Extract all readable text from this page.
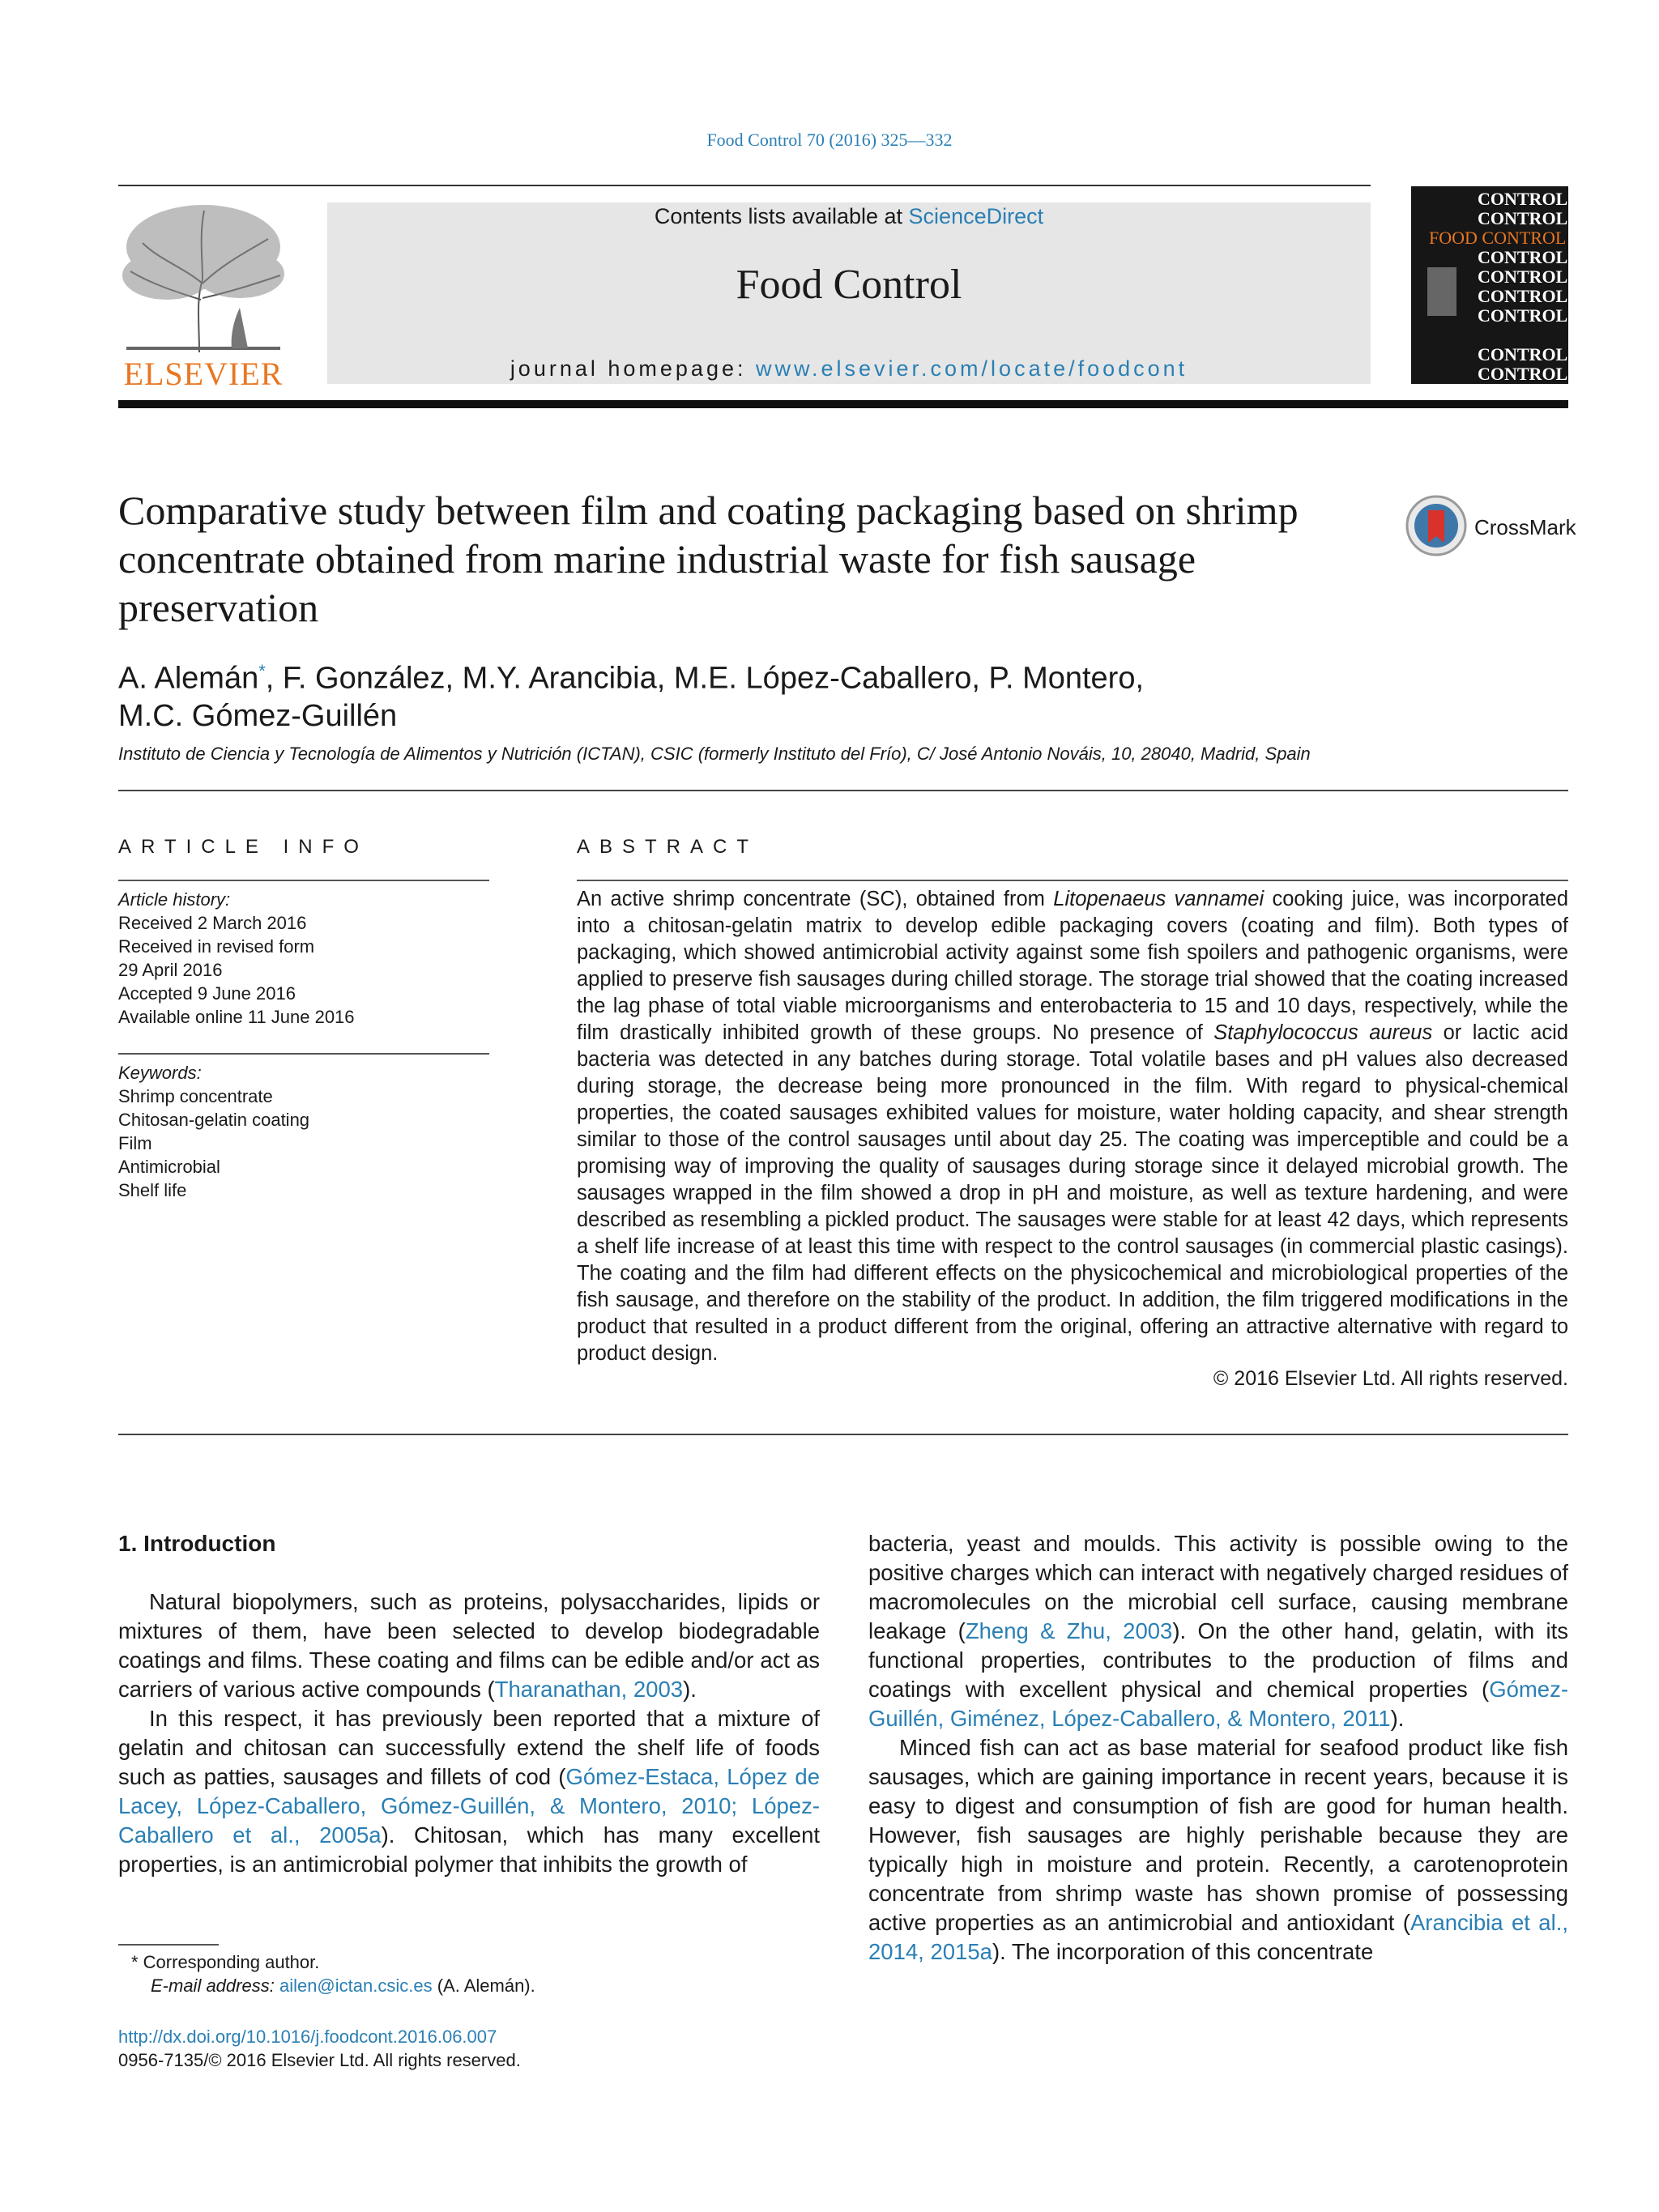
Food Control 70 (2016) 325—332
ELSEVIER
Contents lists available at ScienceDirect
Food Control
journal homepage: www.elsevier.com/locate/foodcont
CONTROL
CONTROL
FOOD CONTROL
CONTROL
CONTROL
CONTROL
CONTROL
CONTROL
CONTROL
Comparative study between film and coating packaging based on shrimp concentrate obtained from marine industrial waste for fish sausage preservation
CrossMark
A. Alemán*, F. González, M.Y. Arancibia, M.E. López-Caballero, P. Montero,
M.C. Gómez-Guillén
Instituto de Ciencia y Tecnología de Alimentos y Nutrición (ICTAN), CSIC (formerly Instituto del Frío), C/ José Antonio Nováis, 10, 28040, Madrid, Spain
ARTICLE INFO
Article history:
Received 2 March 2016
Received in revised form
29 April 2016
Accepted 9 June 2016
Available online 11 June 2016
Keywords:
Shrimp concentrate
Chitosan-gelatin coating
Film
Antimicrobial
Shelf life
ABSTRACT
An active shrimp concentrate (SC), obtained from Litopenaeus vannamei cooking juice, was incorporated into a chitosan-gelatin matrix to develop edible packaging covers (coating and film). Both types of packaging, which showed antimicrobial activity against some fish spoilers and pathogenic organisms, were applied to preserve fish sausages during chilled storage. The storage trial showed that the coating increased the lag phase of total viable microorganisms and enterobacteria to 15 and 10 days, respectively, while the film drastically inhibited growth of these groups. No presence of Staphylococcus aureus or lactic acid bacteria was detected in any batches during storage. Total volatile bases and pH values also decreased during storage, the decrease being more pronounced in the film. With regard to physical-chemical properties, the coated sausages exhibited values for moisture, water holding capacity, and shear strength similar to those of the control sausages until about day 25. The coating was imperceptible and could be a promising way of improving the quality of sausages during storage since it delayed microbial growth. The sausages wrapped in the film showed a drop in pH and moisture, as well as texture hardening, and were described as resembling a pickled product. The sausages were stable for at least 42 days, which represents a shelf life increase of at least this time with respect to the control sausages (in commercial plastic casings). The coating and the film had different effects on the physicochemical and microbiological properties of the fish sausage, and therefore on the stability of the product. In addition, the film triggered modifications in the product that resulted in a product different from the original, offering an attractive alternative with regard to product design.
© 2016 Elsevier Ltd. All rights reserved.
1. Introduction

Natural biopolymers, such as proteins, polysaccharides, lipids or mixtures of them, have been selected to develop biodegradable coatings and films. These coating and films can be edible and/or act as carriers of various active compounds (Tharanathan, 2003).

In this respect, it has previously been reported that a mixture of gelatin and chitosan can successfully extend the shelf life of foods such as patties, sausages and fillets of cod (Gómez-Estaca, López de Lacey, López-Caballero, Gómez-Guillén, & Montero, 2010; López-Caballero et al., 2005a). Chitosan, which has many excellent properties, is an antimicrobial polymer that inhibits the growth of

bacteria, yeast and moulds. This activity is possible owing to the positive charges which can interact with negatively charged residues of macromolecules on the microbial cell surface, causing membrane leakage (Zheng & Zhu, 2003). On the other hand, gelatin, with its functional properties, contributes to the production of films and coatings with excellent physical and chemical properties (Gómez-Guillén, Giménez, López-Caballero, & Montero, 2011).

Minced fish can act as base material for seafood product like fish sausages, which are gaining importance in recent years, because it is easy to digest and consumption of fish are good for human health. However, fish sausages are highly perishable because they are typically high in moisture and protein. Recently, a carotenoprotein concentrate from shrimp waste has shown promise of possessing active properties as an antimicrobial and antioxidant (Arancibia et al., 2014, 2015a). The incorporation of this concentrate

* Corresponding author.
E-mail address: ailen@ictan.csic.es (A. Alemán).
http://dx.doi.org/10.1016/j.foodcont.2016.06.007
0956-7135/© 2016 Elsevier Ltd. All rights reserved.
